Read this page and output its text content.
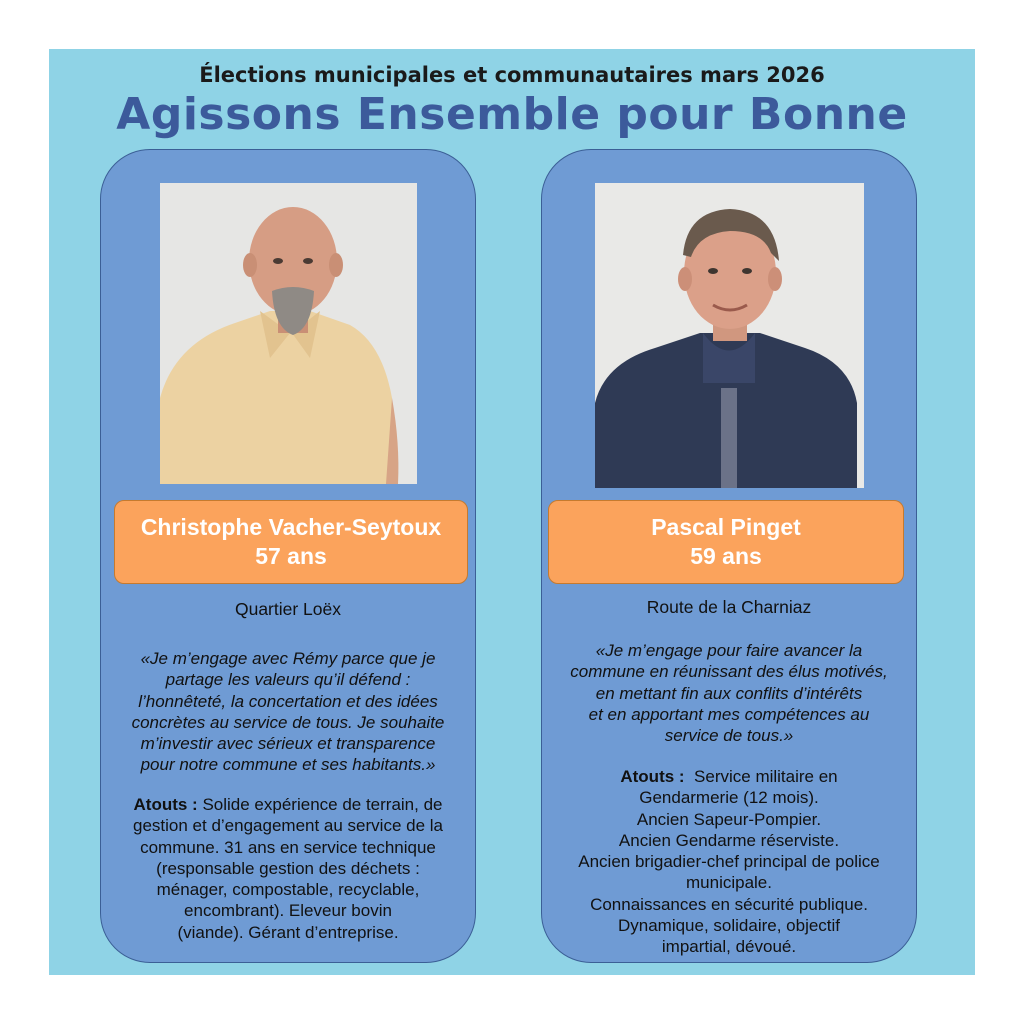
Élections municipales et communautaires mars 2026
Agissons Ensemble pour Bonne
Christophe Vacher-Seytoux
57 ans
Quartier Loëx
«Je m’engage avec Rémy parce que je
partage les valeurs qu’il défend :
l’honnêteté, la concertation et des idées
concrètes au service de tous. Je souhaite
m’investir avec sérieux et transparence
pour notre commune et ses habitants.»
Atouts : Solide expérience de terrain, de
gestion et d’engagement au service de la
commune. 31 ans en service technique
(responsable gestion des déchets :
ménager, compostable, recyclable,
encombrant). Eleveur bovin
(viande). Gérant d’entreprise.
Pascal Pinget
59 ans
Route de la Charniaz
«Je m’engage pour faire avancer la
commune en réunissant des élus motivés,
en mettant fin aux conflits d’intérêts
et en apportant mes compétences au
service de tous.»
Atouts : Service militaire en
Gendarmerie (12 mois).
Ancien Sapeur-Pompier.
Ancien Gendarme réserviste.
Ancien brigadier-chef principal de police
municipale.
Connaissances en sécurité publique.
Dynamique, solidaire, objectif
impartial, dévoué.
